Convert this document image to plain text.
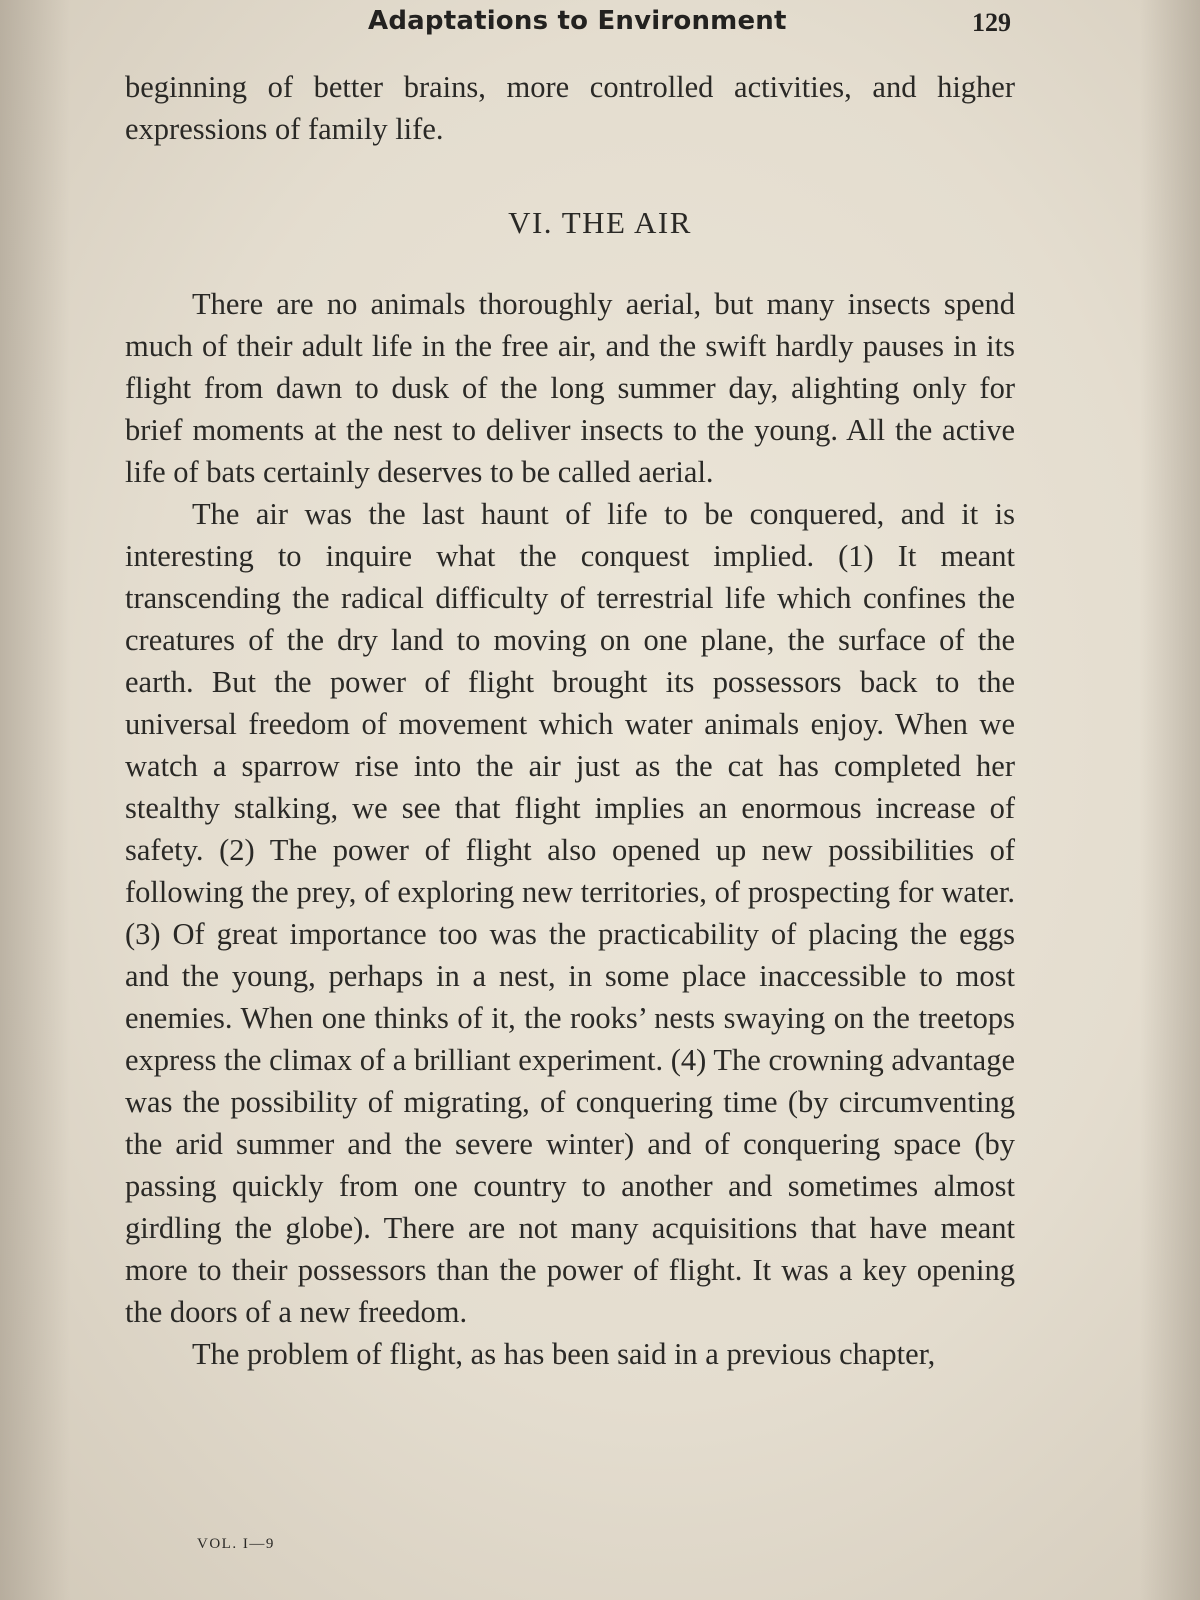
Adaptations to Environment	129

beginning of better brains, more controlled activities, and higher expressions of family life.

VI. THE AIR

There are no animals thoroughly aerial, but many insects spend much of their adult life in the free air, and the swift hardly pauses in its flight from dawn to dusk of the long summer day, alighting only for brief moments at the nest to deliver insects to the young. All the active life of bats certainly deserves to be called aerial.

The air was the last haunt of life to be conquered, and it is interesting to inquire what the conquest implied. (1) It meant transcending the radical difficulty of terrestrial life which confines the creatures of the dry land to moving on one plane, the surface of the earth. But the power of flight brought its possessors back to the universal freedom of movement which water animals enjoy. When we watch a sparrow rise into the air just as the cat has completed her stealthy stalking, we see that flight implies an enormous increase of safety. (2) The power of flight also opened up new possibilities of following the prey, of exploring new territories, of prospecting for water. (3) Of great importance too was the practicability of placing the eggs and the young, perhaps in a nest, in some place inaccessible to most enemies. When one thinks of it, the rooks’ nests swaying on the treetops express the climax of a brilliant experiment. (4) The crowning advantage was the possibility of migrating, of conquering time (by circumventing the arid summer and the severe winter) and of conquering space (by passing quickly from one country to another and sometimes almost girdling the globe). There are not many acquisitions that have meant more to their possessors than the power of flight. It was a key opening the doors of a new freedom.

The problem of flight, as has been said in a previous chapter,

VOL. I—9
